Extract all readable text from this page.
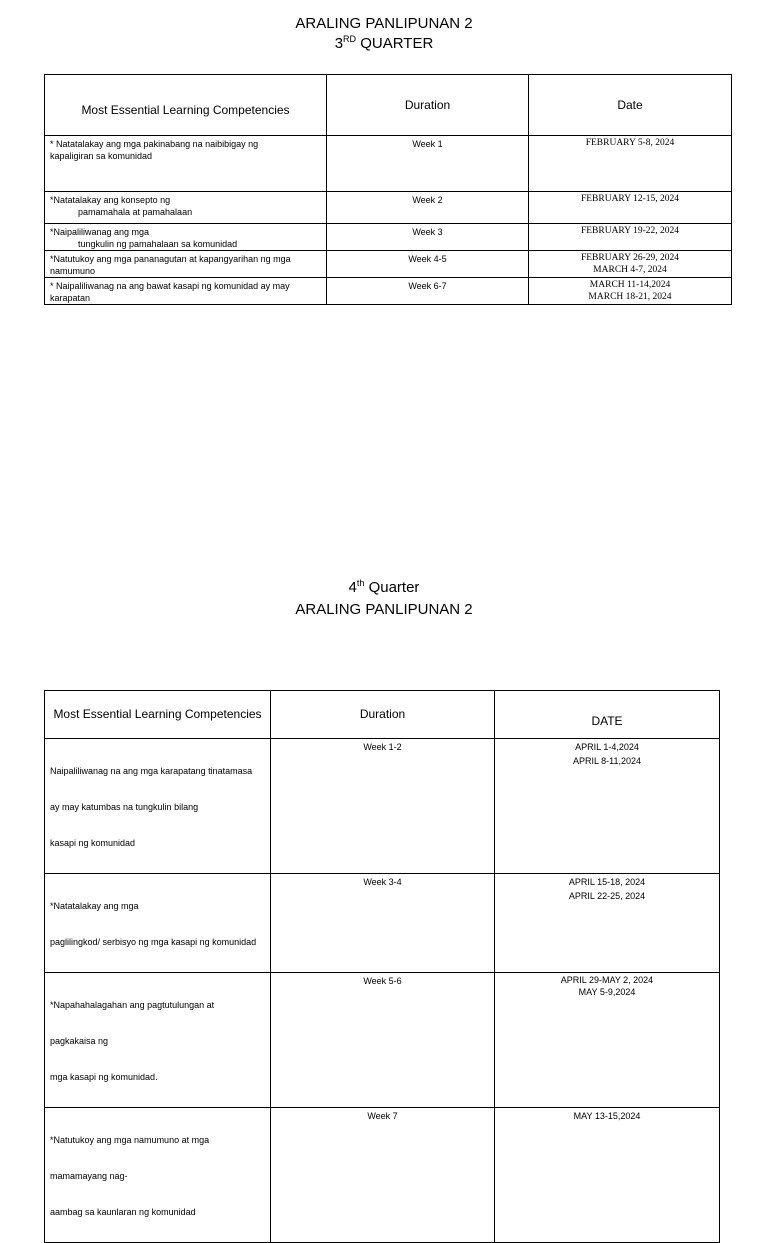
ARALING PANLIPUNAN 2
3RD QUARTER
Most Essential Learning Competencies	Duration	Date

* Natatalakay ang mga pakinabang na naibibigay ng
kapaligiran sa komunidad	Week 1	FEBRUARY 5-8, 2024

*Natatalakay ang konsepto ng
pamamahala at pamahalaan	Week 2	FEBRUARY 12-15, 2024

*Naipaliliwanag ang mga
tungkulin ng pamahalaan sa komunidad	Week 3	FEBRUARY 19-22, 2024

*Natutukoy ang mga pananagutan at kapangyarihan ng mga
namumuno	Week 4-5	FEBRUARY 26-29, 2024
MARCH 4-7, 2024

* Naipaliliwanag na ang bawat kasapi ng komunidad ay may
karapatan	Week 6-7	MARCH 11-14,2024
MARCH 18-21, 2024
4th Quarter
ARALING PANLIPUNAN 2
Most Essential Learning Competencies	Duration	DATE

Naipaliliwanag na ang mga karapatang tinatamasa

ay may katumbas na tungkulin bilang

kasapi ng komunidad	Week 1-2	APRIL 1-4,2024
APRIL 8-11,2024

*Natatalakay ang mga

paglilingkod/ serbisyo ng mga kasapi ng komunidad	Week 3-4	APRIL 15-18, 2024
APRIL 22-25, 2024

*Napahahalagahan ang pagtutulungan at

pagkakaisa ng

mga kasapi ng komunidad.	Week 5-6	APRIL 29-MAY 2, 2024
MAY 5-9,2024

*Natutukoy ang mga namumuno at mga

mamamayang nag-

aambag sa kaunlaran ng komunidad	Week 7	MAY 13-15,2024
